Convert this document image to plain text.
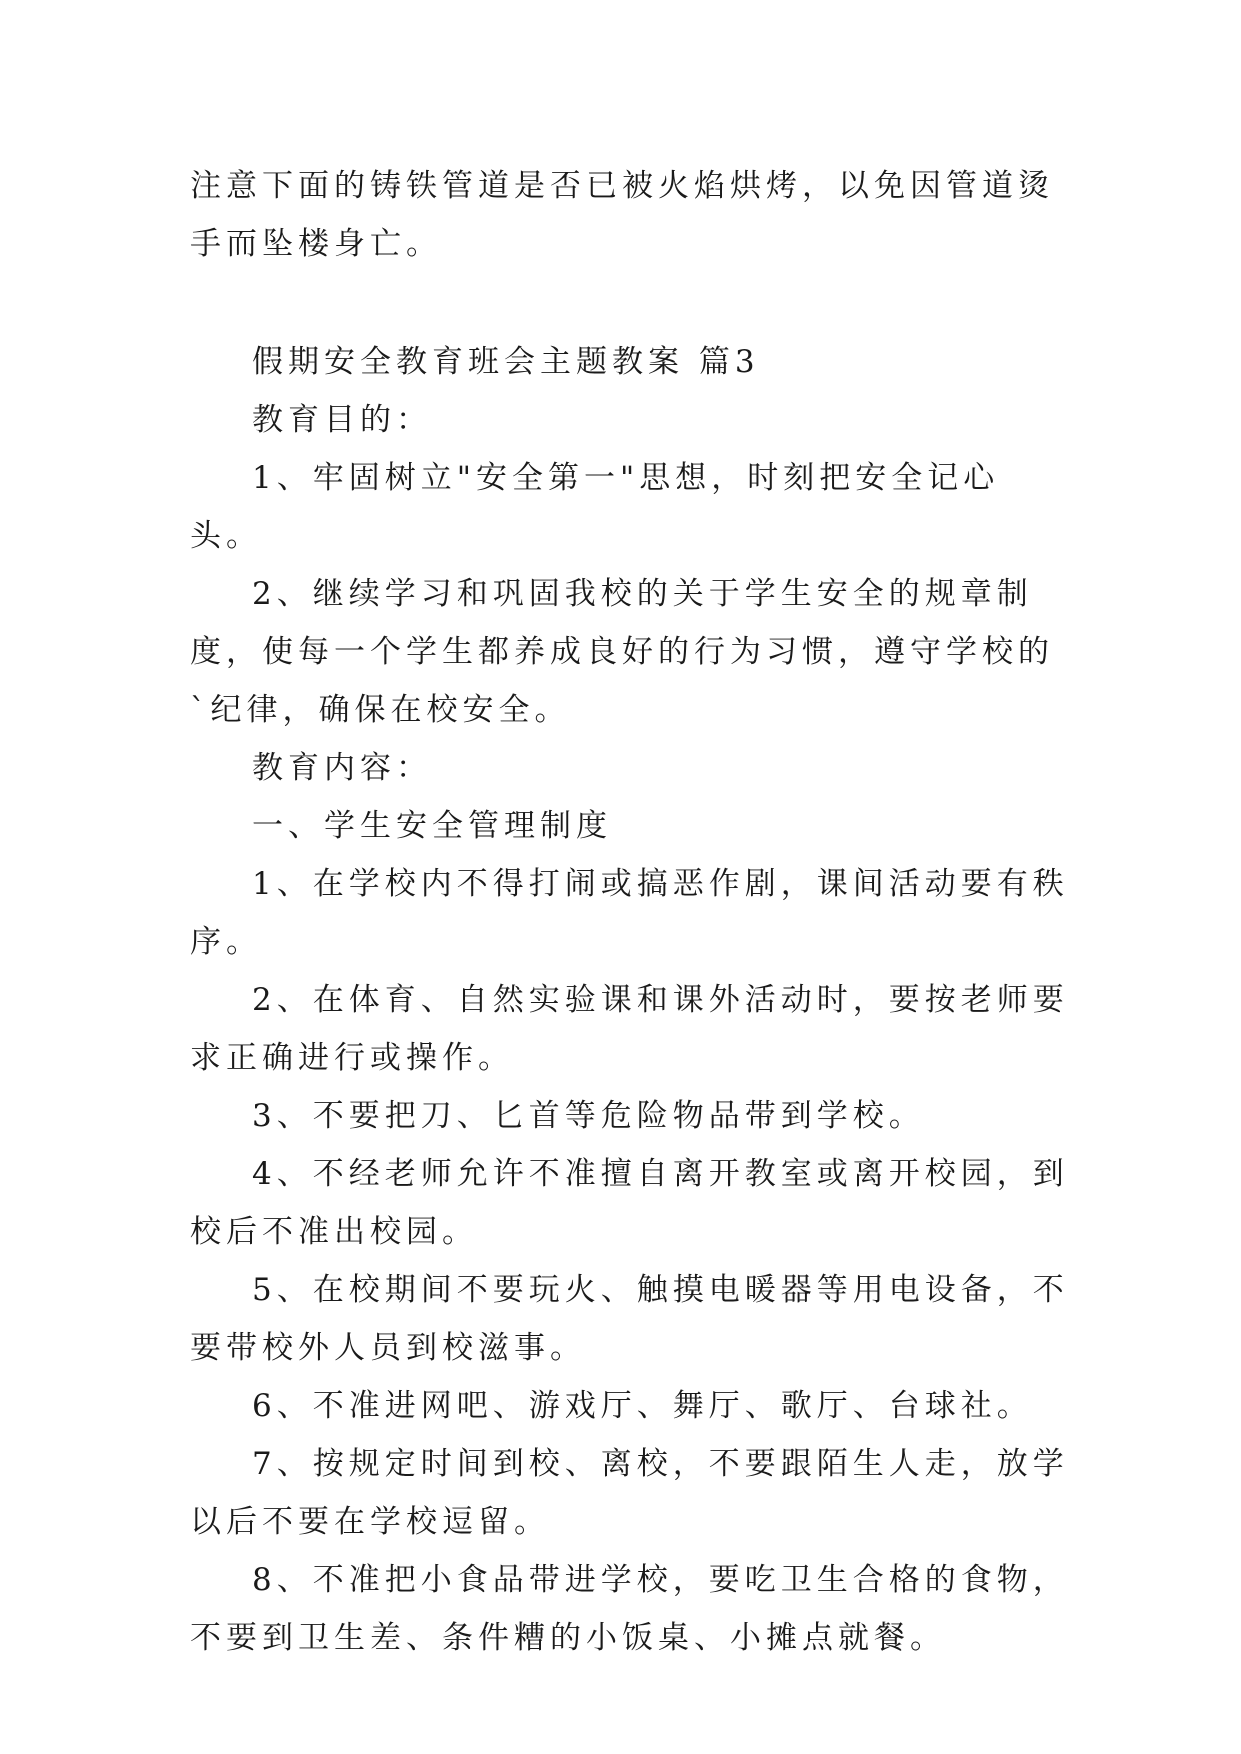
注意下面的铸铁管道是否已被火焰烘烤，以免因管道烫手而坠楼身亡。

假期安全教育班会主题教案 篇3

教育目的：

1、牢固树立"安全第一"思想，时刻把安全记心头。

2、继续学习和巩固我校的关于学生安全的规章制度，使每一个学生都养成良好的行为习惯，遵守学校的`纪律，确保在校安全。

教育内容：

一、学生安全管理制度

1、在学校内不得打闹或搞恶作剧，课间活动要有秩序。

2、在体育、自然实验课和课外活动时，要按老师要求正确进行或操作。

3、不要把刀、匕首等危险物品带到学校。

4、不经老师允许不准擅自离开教室或离开校园，到校后不准出校园。

5、在校期间不要玩火、触摸电暖器等用电设备，不要带校外人员到校滋事。

6、不准进网吧、游戏厅、舞厅、歌厅、台球社。

7、按规定时间到校、离校，不要跟陌生人走，放学以后不要在学校逗留。

8、不准把小食品带进学校，要吃卫生合格的食物，不要到卫生差、条件糟的小饭桌、小摊点就餐。
